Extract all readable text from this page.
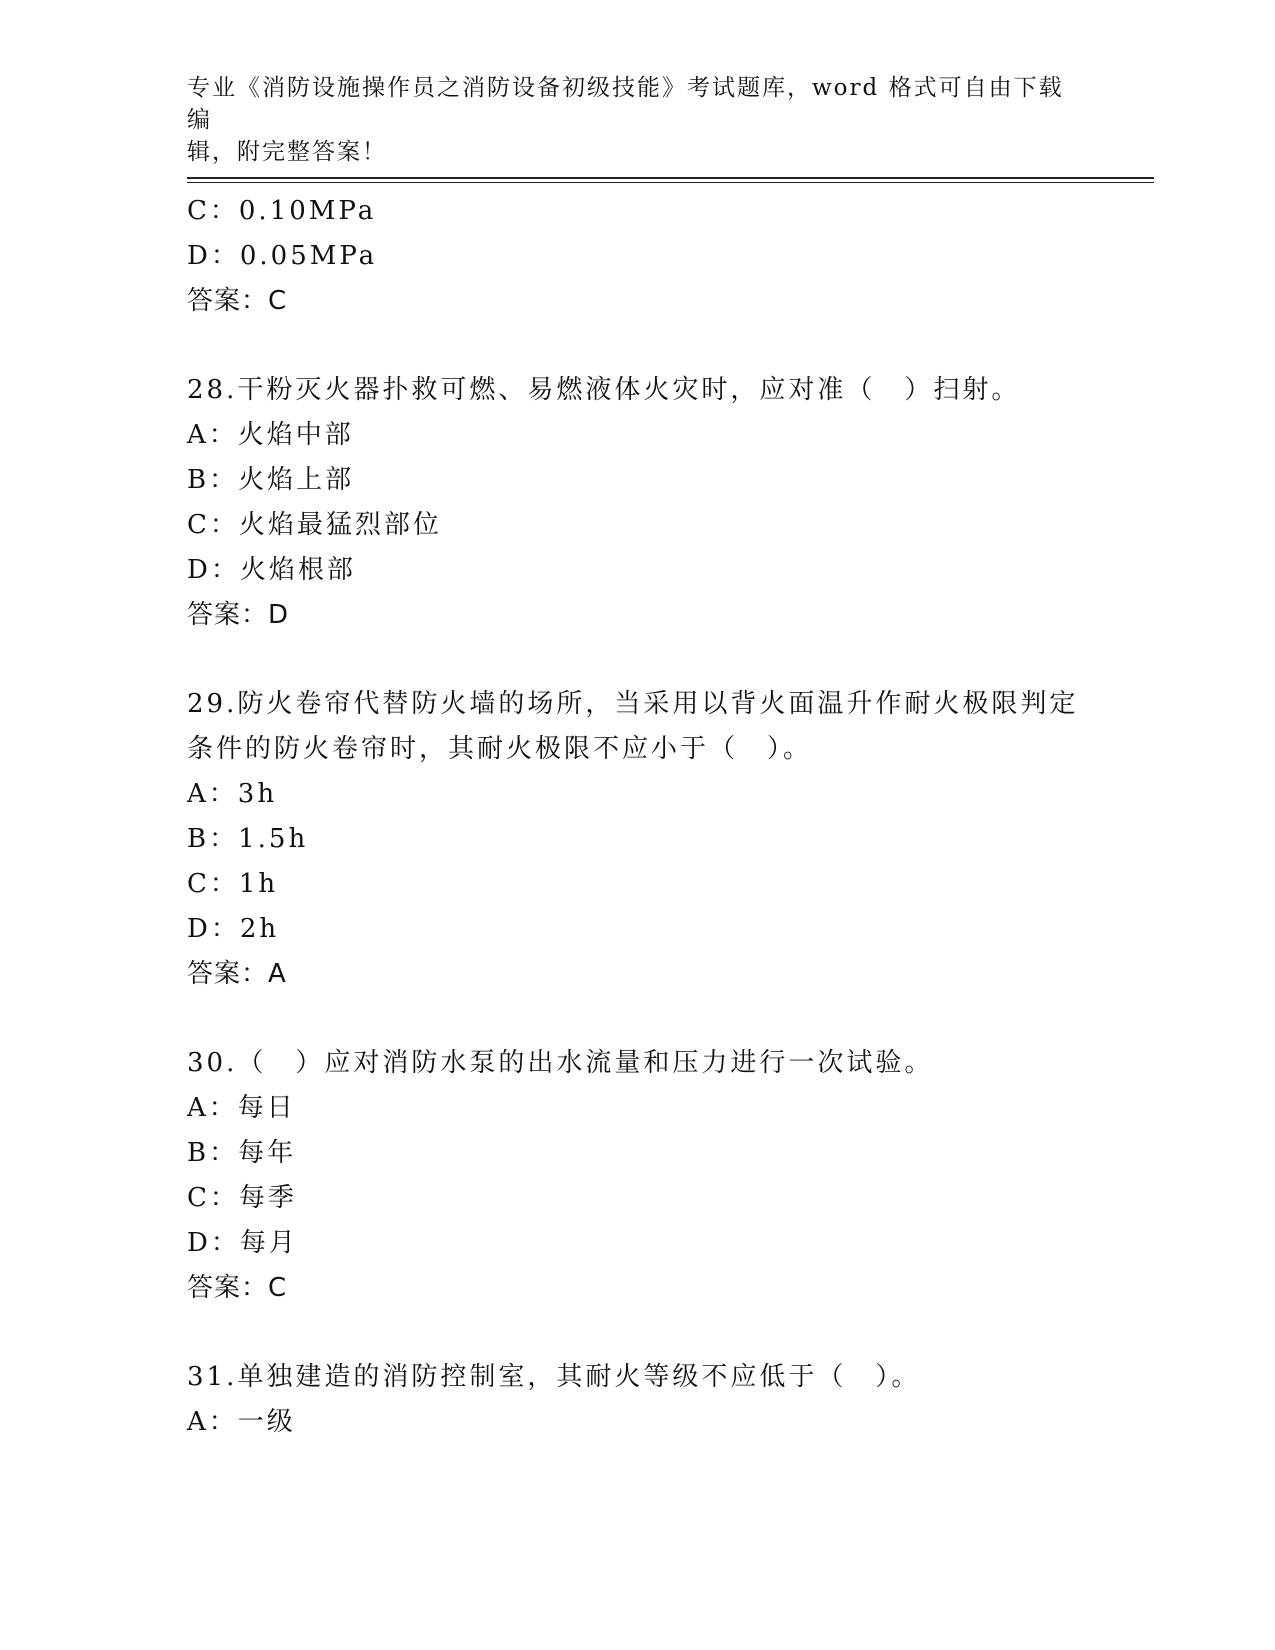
专业《消防设施操作员之消防设备初级技能》考试题库，word 格式可自由下载编
辑，附完整答案！
C：0.10MPa
D：0.05MPa
答案：C
28.干粉灭火器扑救可燃、易燃液体火灾时，应对准（　）扫射。
A：火焰中部
B：火焰上部
C：火焰最猛烈部位
D：火焰根部
答案：D
29.防火卷帘代替防火墙的场所，当采用以背火面温升作耐火极限判定
条件的防火卷帘时，其耐火极限不应小于（　）。
A：3h
B：1.5h
C：1h
D：2h
答案：A
30.（　）应对消防水泵的出水流量和压力进行一次试验。
A：每日
B：每年
C：每季
D：每月
答案：C
31.单独建造的消防控制室，其耐火等级不应低于（　）。
A：一级
